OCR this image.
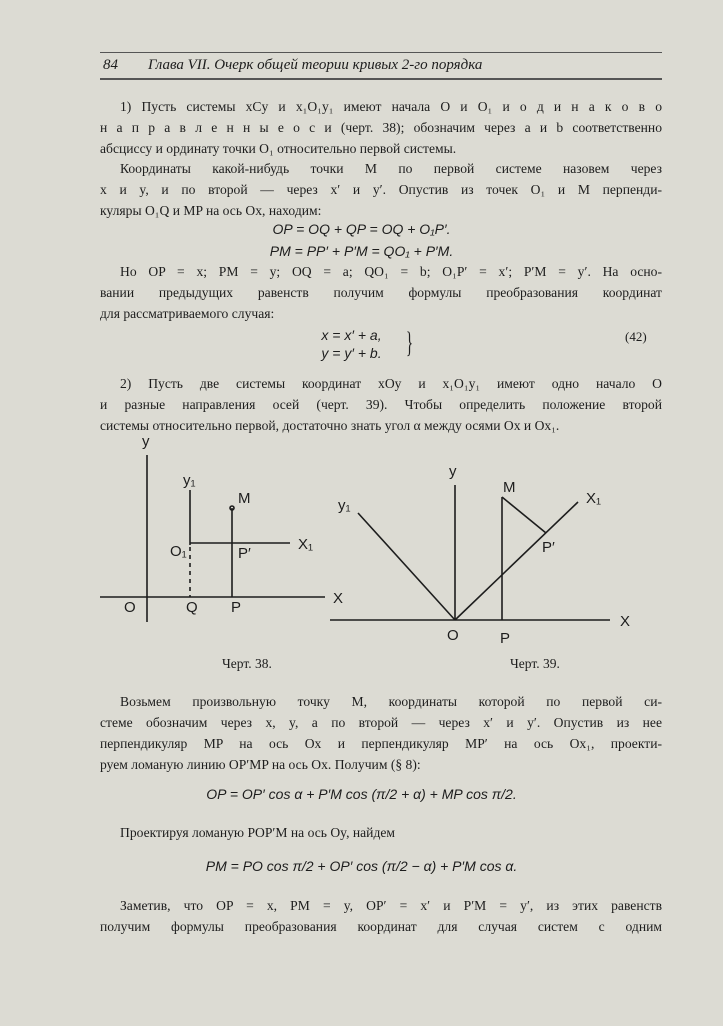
84 Глава VII. Очерк общей теории кривых 2-го порядка
1) Пусть системы xCy и x₁O₁y₁ имеют начала O и O₁ и о д и н а к о в о
н а п р а в л е н н ы е о с и (черт. 38); обозначим через a и b соответственно
абсциссу и ординату точки O₁ относительно первой системы.
Координаты какой-нибудь точки M по первой системе назовем через
x и y, и по второй — через x′ и y′. Опустив из точек O₁ и M перпенди-
куляры O₁Q и MP на ось Ox, находим:
OP = OQ + QP = OQ + O₁P′.
PM = PP′ + P′M = QO₁ + P′M.
Но OP = x; PM = y; OQ = a; QO₁ = b; O₁P′ = x′; P′M = y′. На осно-
вании предыдущих равенств получим формулы преобразования координат
для рассматриваемого случая:
x = x′ + a,
y = y′ + b. }	(42)
2) Пусть две системы координат xOy и x₁O₁y₁ имеют одно начало O
и разные направления осей (черт. 39). Чтобы определить положение второй
системы относительно первой, достаточно знать угол α между осями Ox и Ox₁.
y
y₁
M
O₁	P′
X₁
O	Q P
X
y
M
y₁	X₁
P′
O	P
X
Черт. 38.	Черт. 39.
Возьмем произвольную точку M, координаты которой по первой си-
стеме обозначим через x, y, а по второй — через x′ и y′. Опустив из нее
перпендикуляр MP на ось Ox и перпендикуляр MP′ на ось Ox₁, проекти-
руем ломаную линию OP′MP на ось Ox. Получим (§ 8):
OP = OP′ cos α + P′M cos (π/2 + α) + MP cos π/2.
Проектируя ломаную POP′M на ось Oy, найдем
PM = PO cos π/2 + OP′ cos (π/2 − α) + P′M cos α.
Заметив, что OP = x, PM = y, OP′ = x′ и P′M = y′, из этих равенств
получим формулы преобразования координат для случая систем с одним
